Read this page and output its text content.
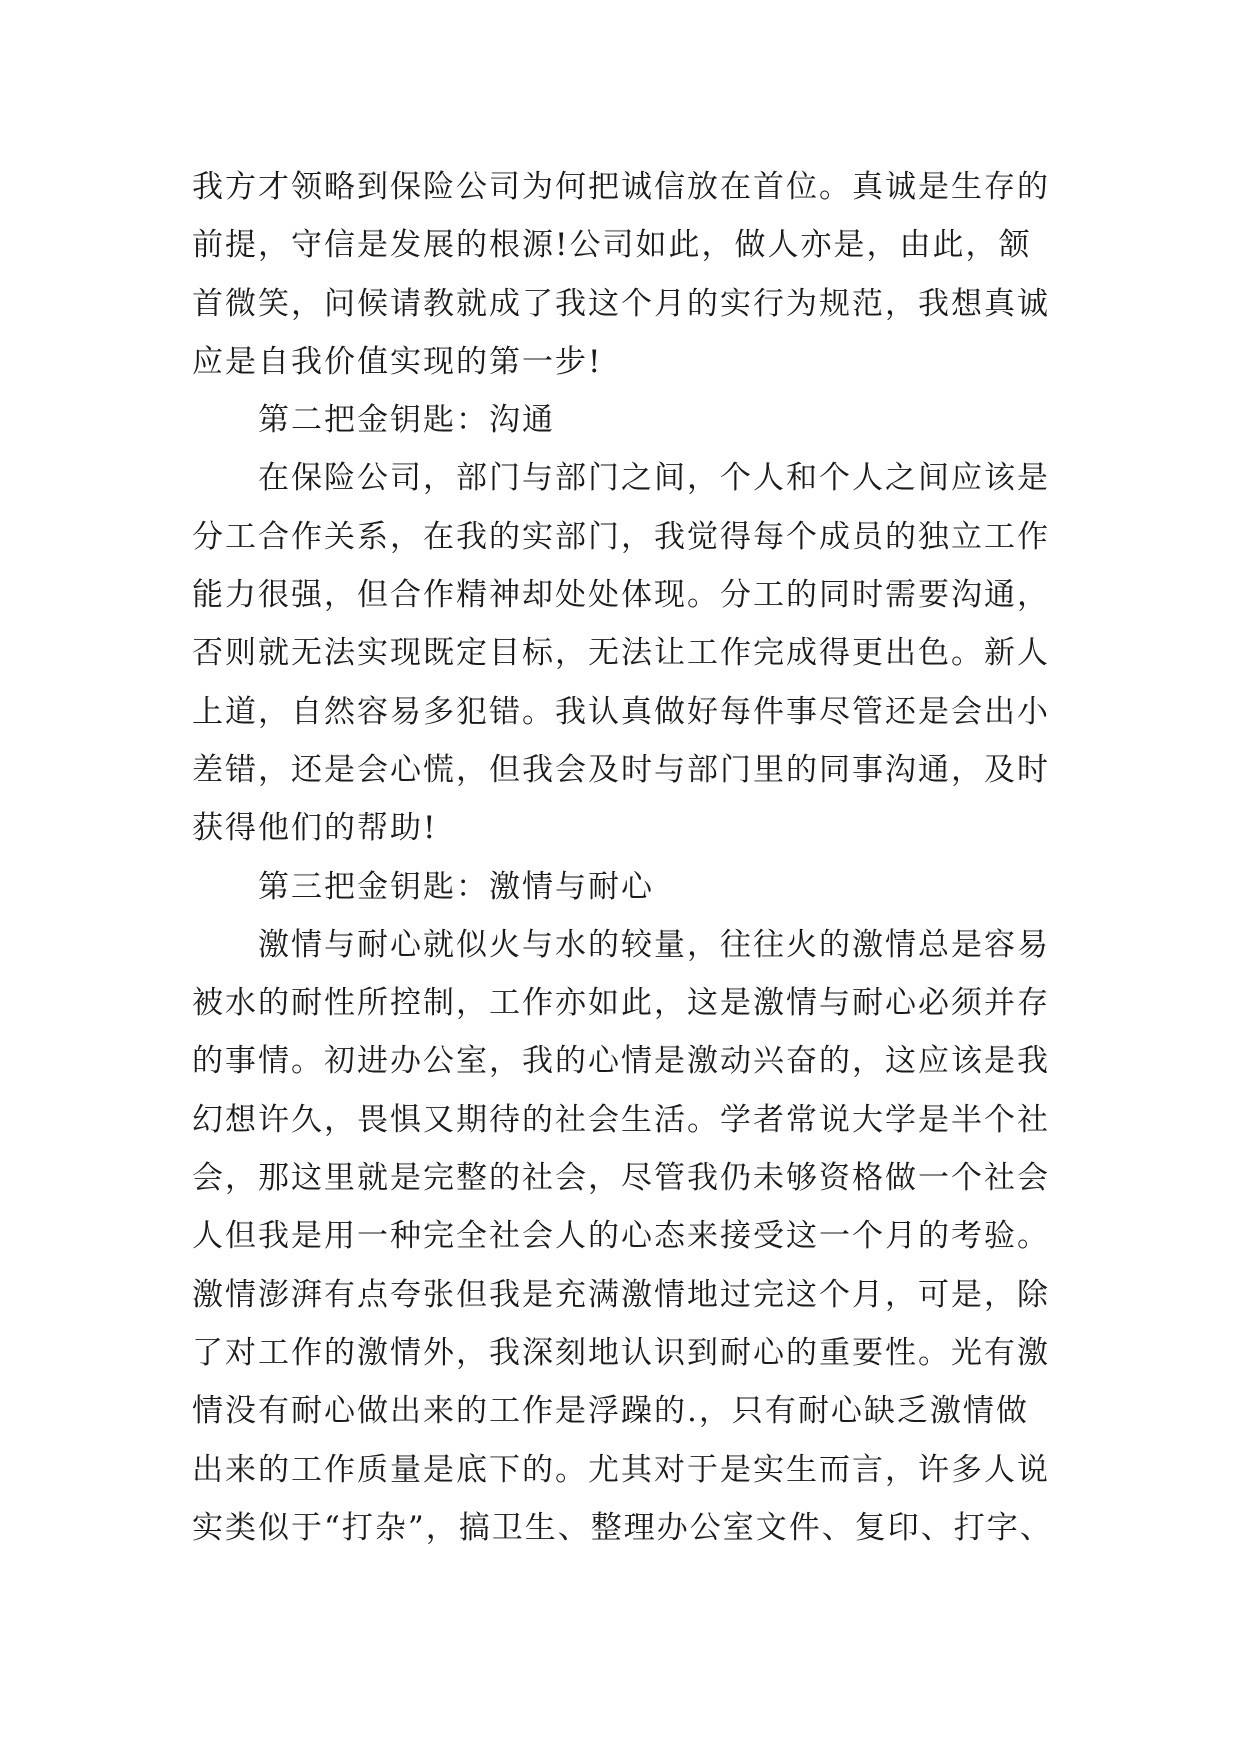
我方才领略到保险公司为何把诚信放在首位。真诚是生存的
前提，守信是发展的根源!公司如此，做人亦是，由此，颔
首微笑，问候请教就成了我这个月的实行为规范，我想真诚
应是自我价值实现的第一步!
第二把金钥匙：沟通
在保险公司，部门与部门之间，个人和个人之间应该是
分工合作关系，在我的实部门，我觉得每个成员的独立工作
能力很强，但合作精神却处处体现。分工的同时需要沟通，
否则就无法实现既定目标，无法让工作完成得更出色。新人
上道，自然容易多犯错。我认真做好每件事尽管还是会出小
差错，还是会心慌，但我会及时与部门里的同事沟通，及时
获得他们的帮助!
第三把金钥匙：激情与耐心
激情与耐心就似火与水的较量，往往火的激情总是容易
被水的耐性所控制，工作亦如此，这是激情与耐心必须并存
的事情。初进办公室，我的心情是激动兴奋的，这应该是我
幻想许久，畏惧又期待的社会生活。学者常说大学是半个社
会，那这里就是完整的社会，尽管我仍未够资格做一个社会
人但我是用一种完全社会人的心态来接受这一个月的考验。
激情澎湃有点夸张但我是充满激情地过完这个月，可是，除
了对工作的激情外，我深刻地认识到耐心的重要性。光有激
情没有耐心做出来的工作是浮躁的.，只有耐心缺乏激情做
出来的工作质量是底下的。尤其对于是实生而言，许多人说
实类似于“打杂”，搞卫生、整理办公室文件、复印、打字、
